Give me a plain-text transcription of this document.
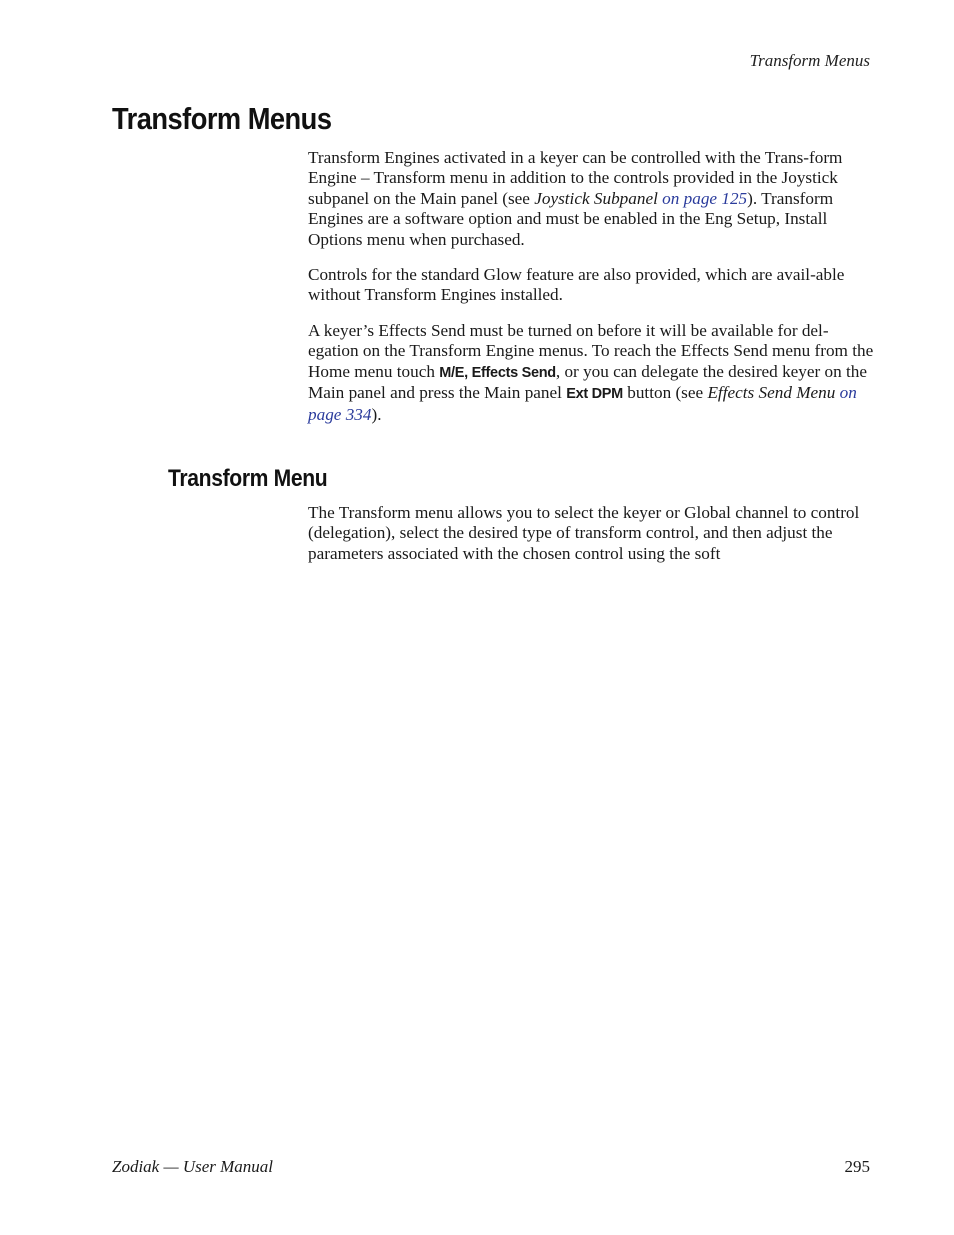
Transform Menus
Transform Menus

Transform Engines activated in a keyer can be controlled with the Trans-form Engine – Transform menu in addition to the controls provided in the Joystick subpanel on the Main panel (see Joystick Subpanel on page 125). Transform Engines are a software option and must be enabled in the Eng Setup, Install Options menu when purchased.

Controls for the standard Glow feature are also provided, which are avail-able without Transform Engines installed.

A keyer’s Effects Send must be turned on before it will be available for del-egation on the Transform Engine menus. To reach the Effects Send menu from the Home menu touch M/E, Effects Send, or you can delegate the desired keyer on the Main panel and press the Main panel Ext DPM button (see Effects Send Menu on page 334).

Transform Menu

The Transform menu allows you to select the keyer or Global channel to control (delegation), select the desired type of transform control, and then adjust the parameters associated with the chosen control using the soft

Zodiak — User Manual	295
